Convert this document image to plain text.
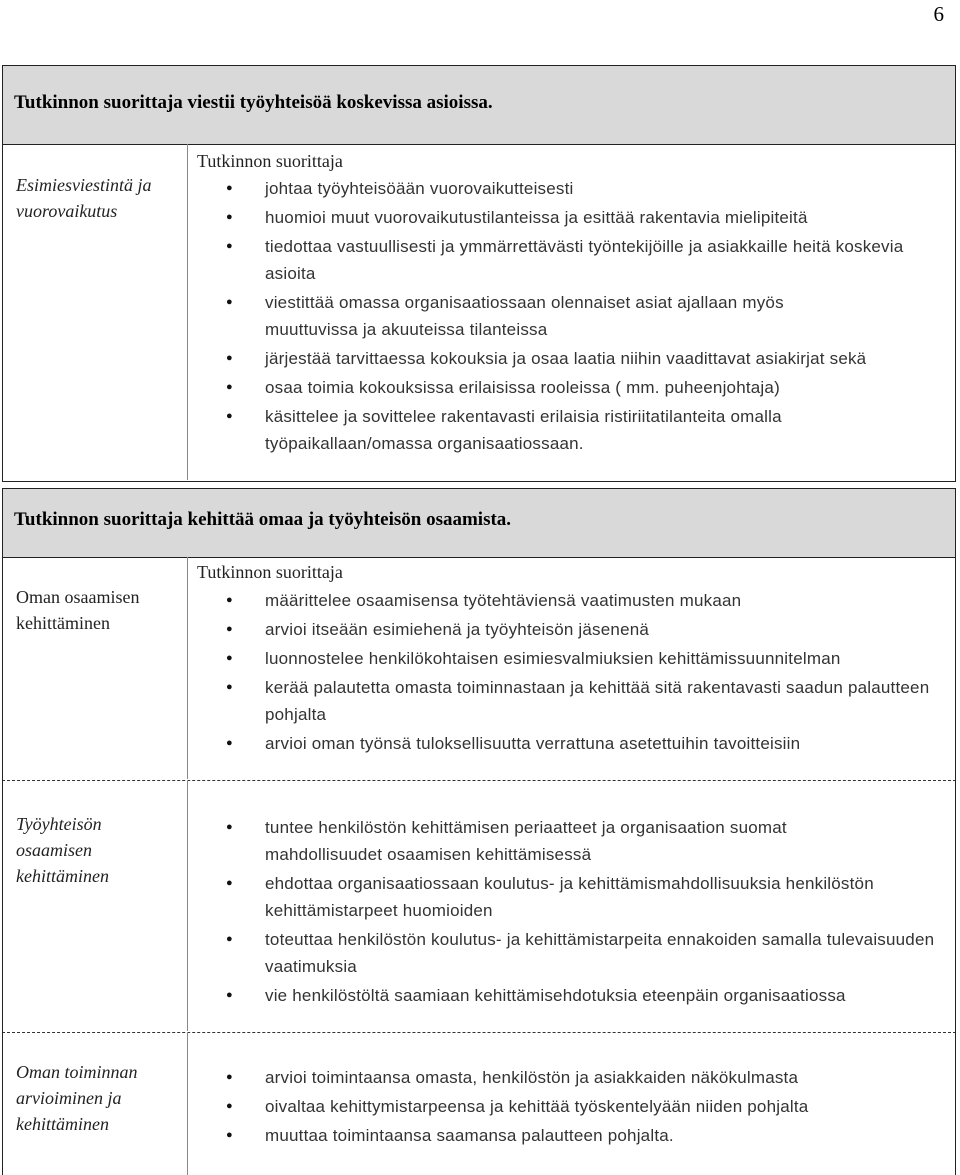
6
Tutkinnon suorittaja viestii työyhteisöä koskevissa asioissa.
Esimiesviestintä ja
vuorovaikutus
Tutkinnon suorittaja
● johtaa työyhteisöään vuorovaikutteisesti
● huomioi muut vuorovaikutustilanteissa ja esittää rakentavia mielipiteitä
● tiedottaa vastuullisesti ja ymmärrettävästi työntekijöille ja asiakkaille heitä koskevia asioita
● viestittää omassa organisaatiossaan olennaiset asiat ajallaan myös muuttuvissa ja akuuteissa tilanteissa
● järjestää tarvittaessa kokouksia ja osaa laatia niihin vaadittavat asiakirjat sekä
● osaa toimia kokouksissa erilaisissa rooleissa ( mm. puheenjohtaja)
● käsittelee ja sovittelee rakentavasti erilaisia ristiriitatilanteita omalla työpaikallaan/omassa organisaatiossaan.
Tutkinnon suorittaja kehittää omaa ja työyhteisön osaamista.
Oman osaamisen
kehittäminen
Tutkinnon suorittaja
● määrittelee osaamisensa työtehtäviensä vaatimusten mukaan
● arvioi itseään esimiehenä ja työyhteisön jäsenenä
● luonnostelee henkilökohtaisen esimiesvalmiuksien kehittämissuunnitelman
● kerää palautetta omasta toiminnastaan ja kehittää sitä rakentavasti saadun palautteen pohjalta
● arvioi oman työnsä tuloksellisuutta verrattuna asetettuihin tavoitteisiin
Työyhteisön
osaamisen
kehittäminen
● tuntee henkilöstön kehittämisen periaatteet ja organisaation suomat mahdollisuudet osaamisen kehittämisessä
● ehdottaa organisaatiossaan koulutus- ja kehittämismahdollisuuksia henkilöstön kehittämistarpeet huomioiden
● toteuttaa henkilöstön koulutus- ja kehittämistarpeita ennakoiden samalla tulevaisuuden vaatimuksia
● vie henkilöstöltä saamiaan kehittämisehdotuksia eteenpäin organisaatiossa
Oman toiminnan
arvioiminen ja
kehittäminen
● arvioi toimintaansa omasta, henkilöstön ja asiakkaiden näkökulmasta
● oivaltaa kehittymistarpeensa ja kehittää työskentelyään niiden pohjalta
● muuttaa toimintaansa saamansa palautteen pohjalta.
